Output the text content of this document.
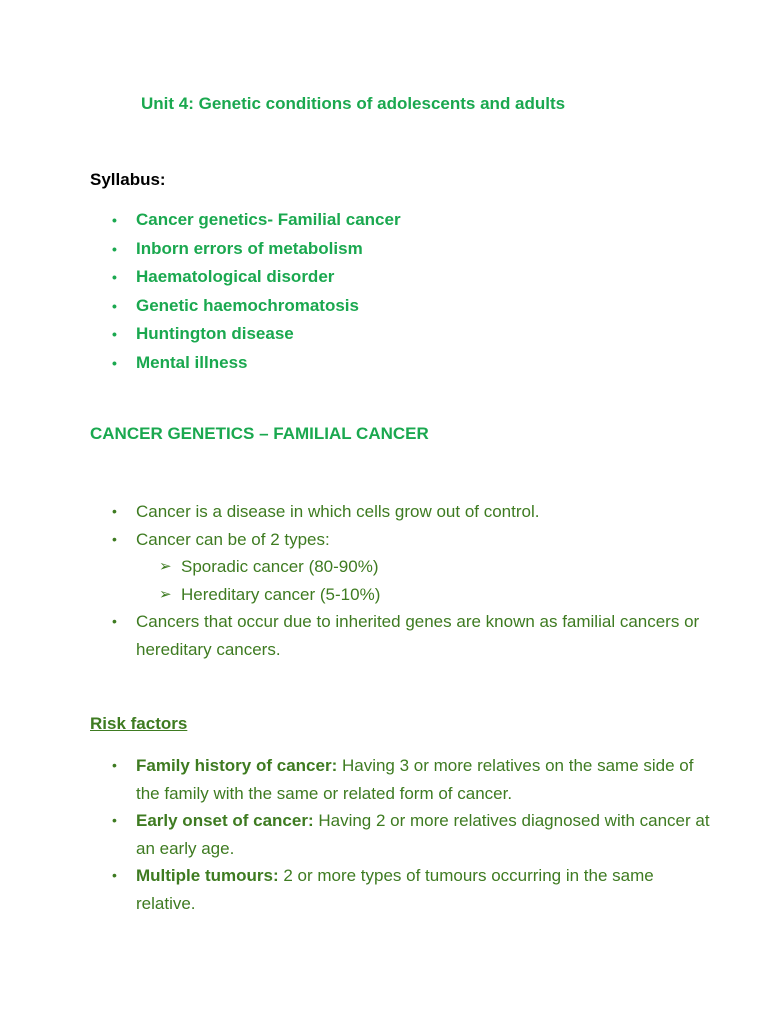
Unit 4: Genetic conditions of adolescents and adults
Syllabus:
• Cancer genetics- Familial cancer
• Inborn errors of metabolism
• Haematological disorder
• Genetic haemochromatosis
• Huntington disease
• Mental illness
CANCER GENETICS – FAMILIAL CANCER
• Cancer is a disease in which cells grow out of control.
• Cancer can be of 2 types:
➢ Sporadic cancer (80-90%)
➢ Hereditary cancer (5-10%)
• Cancers that occur due to inherited genes are known as familial cancers or hereditary cancers.
Risk factors
• Family history of cancer: Having 3 or more relatives on the same side of the family with the same or related form of cancer.
• Early onset of cancer: Having 2 or more relatives diagnosed with cancer at an early age.
• Multiple tumours: 2 or more types of tumours occurring in the same relative.
